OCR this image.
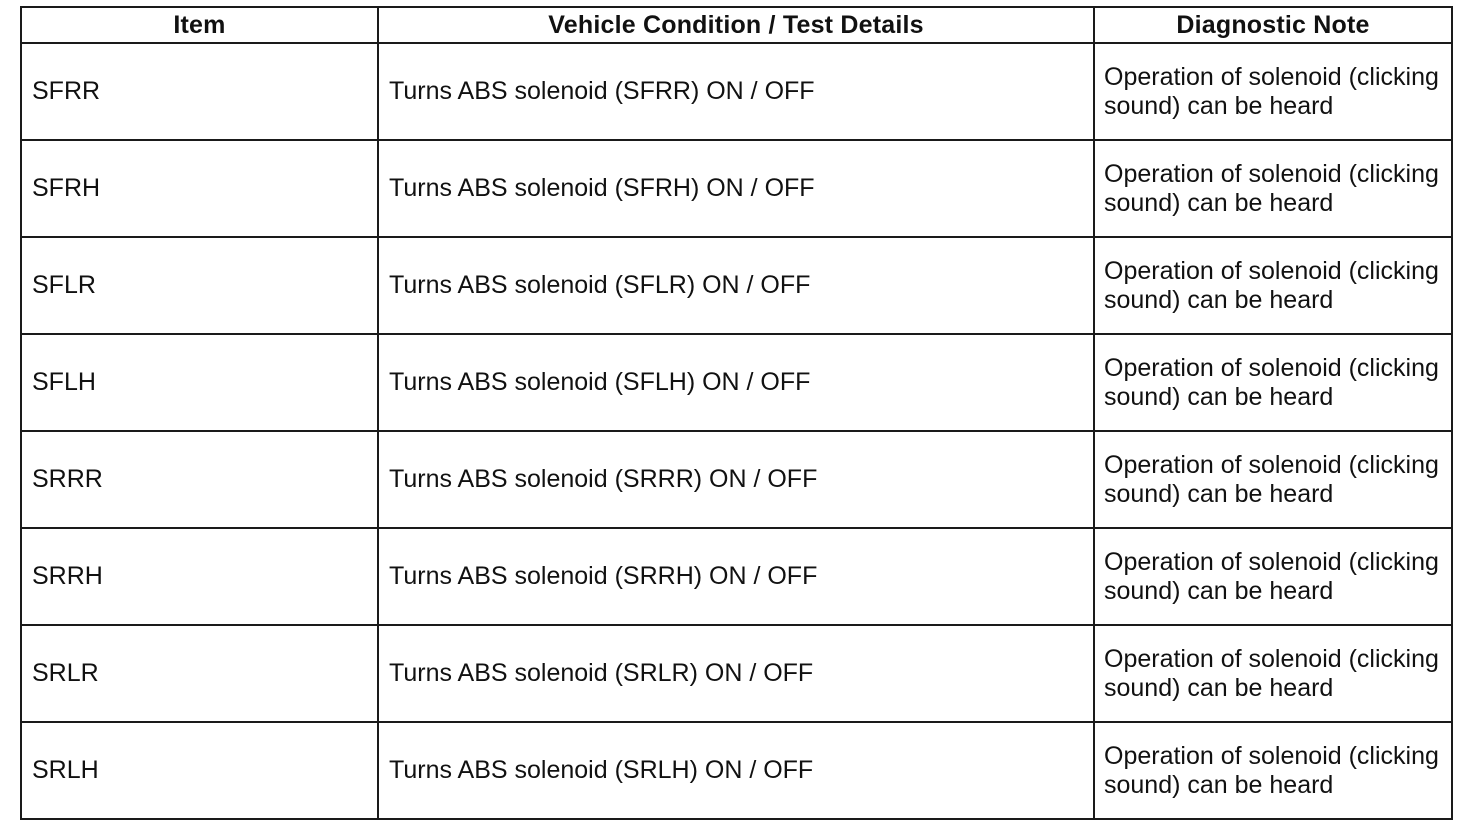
Item	Vehicle Condition / Test Details	Diagnostic Note
SFRR	Turns ABS solenoid (SFRR) ON / OFF	Operation of solenoid (clicking sound) can be heard

SFRH	Turns ABS solenoid (SFRH) ON / OFF	Operation of solenoid (clicking sound) can be heard

SFLR	Turns ABS solenoid (SFLR) ON / OFF	Operation of solenoid (clicking sound) can be heard

SFLH	Turns ABS solenoid (SFLH) ON / OFF	Operation of solenoid (clicking sound) can be heard

SRRR	Turns ABS solenoid (SRRR) ON / OFF	Operation of solenoid (clicking sound) can be heard

SRRH	Turns ABS solenoid (SRRH) ON / OFF	Operation of solenoid (clicking sound) can be heard

SRLR	Turns ABS solenoid (SRLR) ON / OFF	Operation of solenoid (clicking sound) can be heard

SRLH	Turns ABS solenoid (SRLH) ON / OFF	Operation of solenoid (clicking sound) can be heard
